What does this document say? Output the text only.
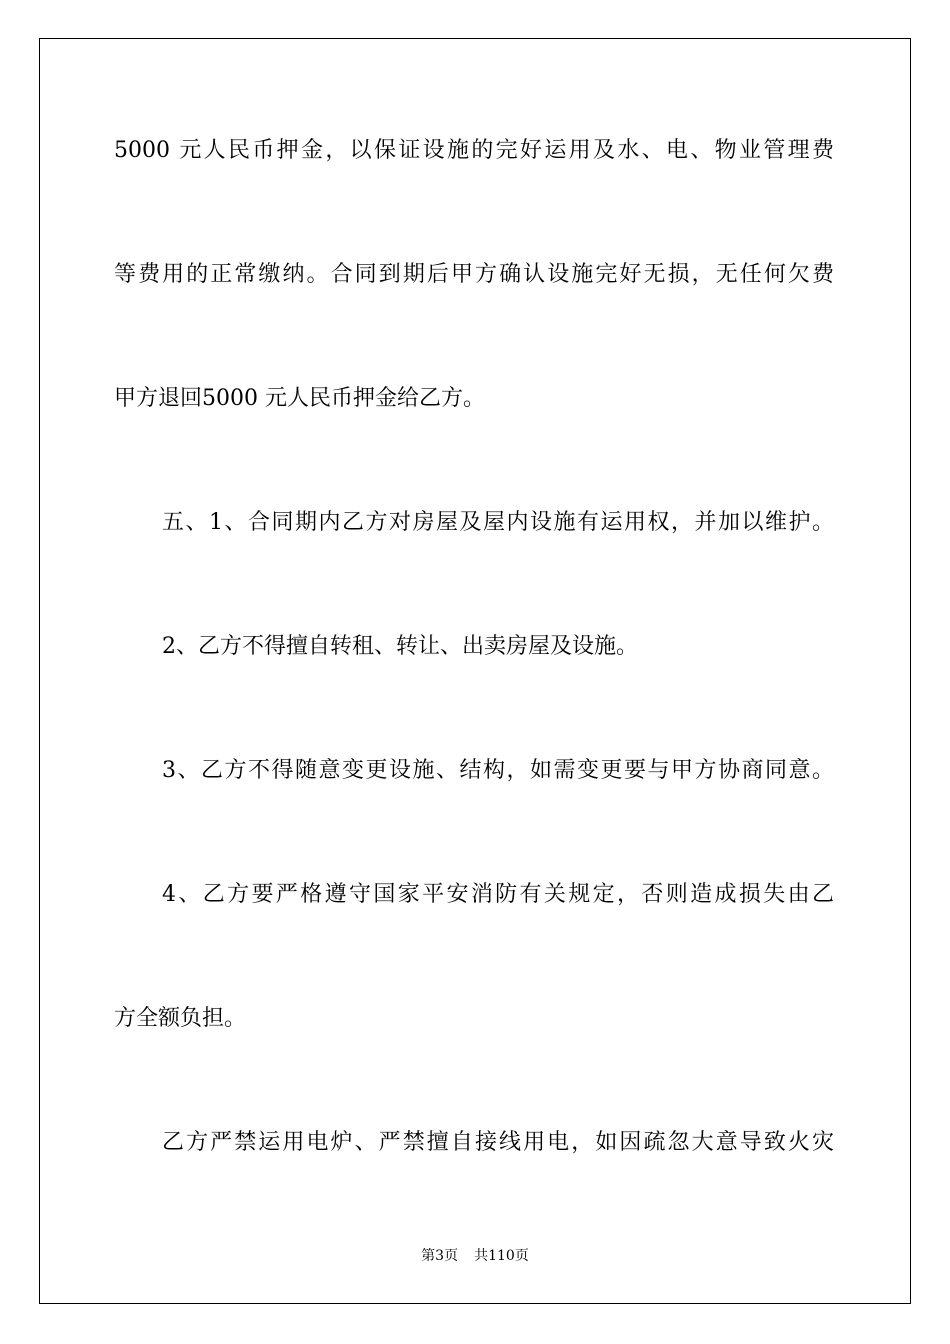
5000 元人民币押金，以保证设施的完好运用及水、电、物业管理费
等费用的正常缴纳。合同到期后甲方确认设施完好无损，无任何欠费
甲方退回5000 元人民币押金给乙方。
五、1、合同期内乙方对房屋及屋内设施有运用权，并加以维护。
2、乙方不得擅自转租、转让、出卖房屋及设施。
3、乙方不得随意变更设施、结构，如需变更要与甲方协商同意。
4、乙方要严格遵守国家平安消防有关规定，否则造成损失由乙
方全额负担。
乙方严禁运用电炉、严禁擅自接线用电，如因疏忽大意导致火灾
第3页 共110页
